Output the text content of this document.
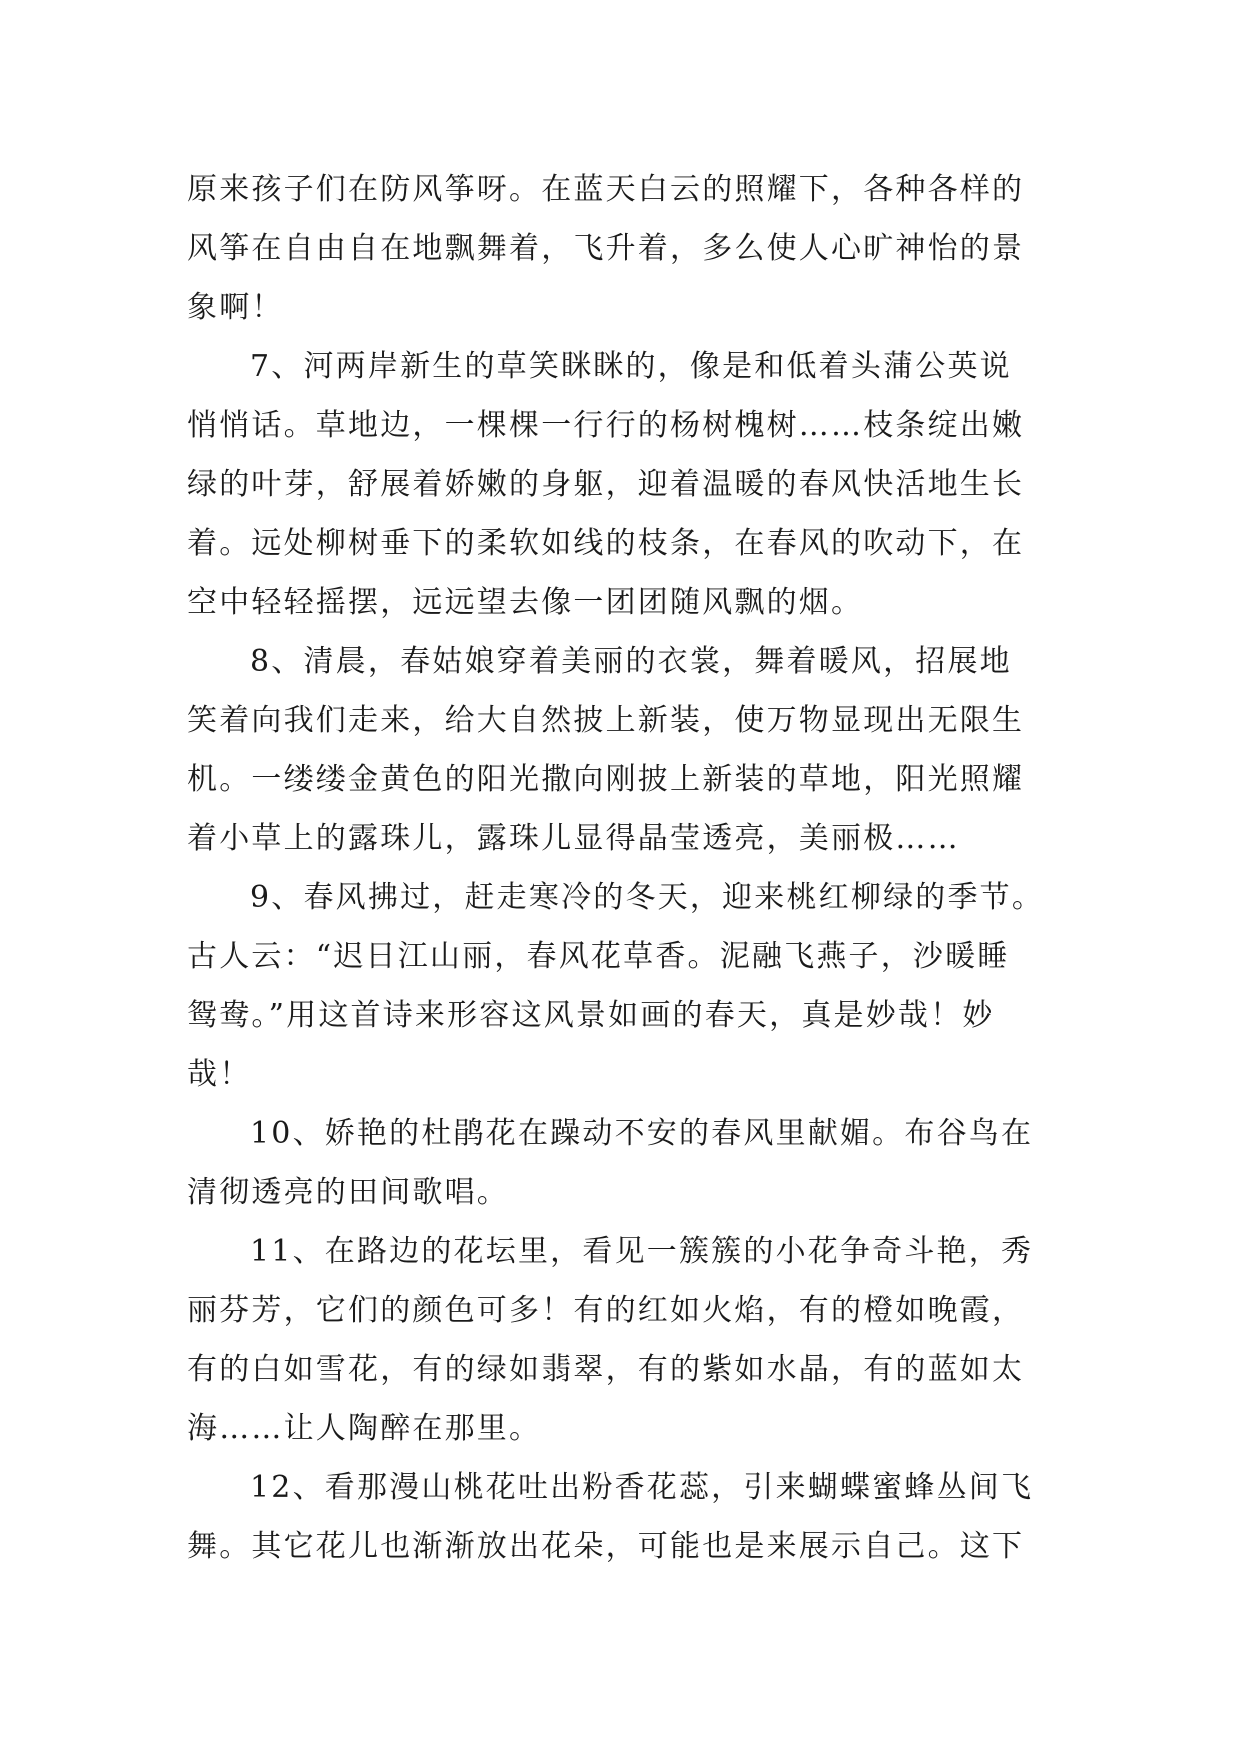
原来孩子们在防风筝呀。在蓝天白云的照耀下，各种各样的
风筝在自由自在地飘舞着，飞升着，多么使人心旷神怡的景
象啊！
7、河两岸新生的草笑眯眯的，像是和低着头蒲公英说
悄悄话。草地边，一棵棵一行行的杨树槐树……枝条绽出嫩
绿的叶芽，舒展着娇嫩的身躯，迎着温暖的春风快活地生长
着。远处柳树垂下的柔软如线的枝条，在春风的吹动下，在
空中轻轻摇摆，远远望去像一团团随风飘的烟。
8、清晨，春姑娘穿着美丽的衣裳，舞着暖风，招展地
笑着向我们走来，给大自然披上新装，使万物显现出无限生
机。一缕缕金黄色的阳光撒向刚披上新装的草地，阳光照耀
着小草上的露珠儿，露珠儿显得晶莹透亮，美丽极……
9、春风拂过，赶走寒冷的冬天，迎来桃红柳绿的季节。
古人云：“迟日江山丽，春风花草香。泥融飞燕子，沙暖睡
鸳鸯。”用这首诗来形容这风景如画的春天，真是妙哉！妙
哉！
10、娇艳的杜鹃花在躁动不安的春风里献媚。布谷鸟在
清彻透亮的田间歌唱。
11、在路边的花坛里，看见一簇簇的小花争奇斗艳，秀
丽芬芳，它们的颜色可多！有的红如火焰，有的橙如晚霞，
有的白如雪花，有的绿如翡翠，有的紫如水晶，有的蓝如太
海……让人陶醉在那里。
12、看那漫山桃花吐出粉香花蕊，引来蝴蝶蜜蜂丛间飞
舞。其它花儿也渐渐放出花朵，可能也是来展示自己。这下
